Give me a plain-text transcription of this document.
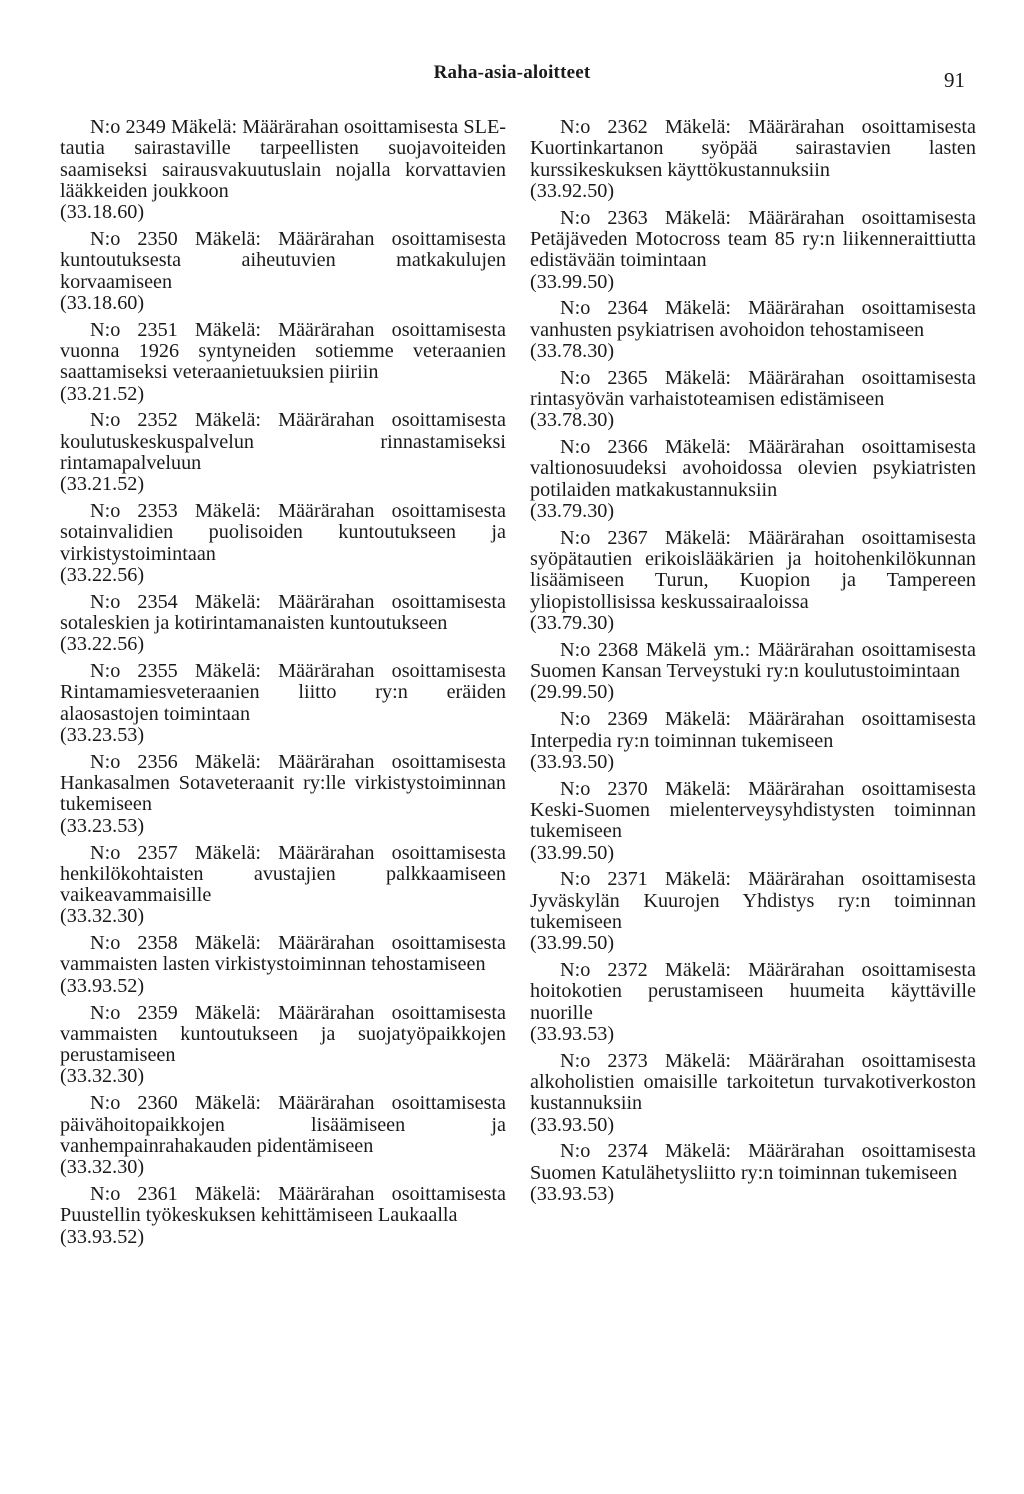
Raha-asia-aloitteet	91

N:o 2349 Mäkelä: Määrärahan osoittamisesta SLE-tautia sairastaville tarpeellisten suojavoiteiden saamiseksi sairausvakuutuslain nojalla korvattavien lääkkeiden joukkoon

(33.18.60)

N:o 2350 Mäkelä: Määrärahan osoittamisesta kuntoutuksesta aiheutuvien matkakulujen korvaamiseen

(33.18.60)

N:o 2351 Mäkelä: Määrärahan osoittamisesta vuonna 1926 syntyneiden sotiemme veteraanien saattamiseksi veteraanietuuksien piiriin

(33.21.52)

N:o 2352 Mäkelä: Määrärahan osoittamisesta koulutuskeskuspalvelun rinnastamiseksi rintamapalveluun

(33.21.52)

N:o 2353 Mäkelä: Määrärahan osoittamisesta sotainvalidien puolisoiden kuntoutukseen ja virkistystoimintaan

(33.22.56)

N:o 2354 Mäkelä: Määrärahan osoittamisesta sotaleskien ja kotirintamanaisten kuntoutukseen

(33.22.56)

N:o 2355 Mäkelä: Määrärahan osoittamisesta Rintamamiesveteraanien liitto ry:n eräiden alaosastojen toimintaan

(33.23.53)

N:o 2356 Mäkelä: Määrärahan osoittamisesta Hankasalmen Sotaveteraanit ry:lle virkistystoiminnan tukemiseen

(33.23.53)

N:o 2357 Mäkelä: Määrärahan osoittamisesta henkilökohtaisten avustajien palkkaamiseen vaikeavammaisille

(33.32.30)

N:o 2358 Mäkelä: Määrärahan osoittamisesta vammaisten lasten virkistystoiminnan tehostamiseen

(33.93.52)

N:o 2359 Mäkelä: Määrärahan osoittamisesta vammaisten kuntoutukseen ja suojatyöpaikkojen perustamiseen

(33.32.30)

N:o 2360 Mäkelä: Määrärahan osoittamisesta päivähoitopaikkojen lisäämiseen ja vanhempainrahakauden pidentämiseen

(33.32.30)

N:o 2361 Mäkelä: Määrärahan osoittamisesta Puustellin työkeskuksen kehittämiseen Laukaalla

(33.93.52)

N:o 2362 Mäkelä: Määrärahan osoittamisesta Kuortinkartanon syöpää sairastavien lasten kurssikeskuksen käyttökustannuksiin

(33.92.50)

N:o 2363 Mäkelä: Määrärahan osoittamisesta Petäjäveden Motocross team 85 ry:n liikenneraittiutta edistävään toimintaan

(33.99.50)

N:o 2364 Mäkelä: Määrärahan osoittamisesta vanhusten psykiatrisen avohoidon tehostamiseen

(33.78.30)

N:o 2365 Mäkelä: Määrärahan osoittamisesta rintasyövän varhaistoteamisen edistämiseen

(33.78.30)

N:o 2366 Mäkelä: Määrärahan osoittamisesta valtionosuudeksi avohoidossa olevien psykiatristen potilaiden matkakustannuksiin

(33.79.30)

N:o 2367 Mäkelä: Määrärahan osoittamisesta syöpätautien erikoislääkärien ja hoitohenkilökunnan lisäämiseen Turun, Kuopion ja Tampereen yliopistollisissa keskussairaaloissa

(33.79.30)

N:o 2368 Mäkelä ym.: Määrärahan osoittamisesta Suomen Kansan Terveystuki ry:n koulutustoimintaan

(29.99.50)

N:o 2369 Mäkelä: Määrärahan osoittamisesta Interpedia ry:n toiminnan tukemiseen

(33.93.50)

N:o 2370 Mäkelä: Määrärahan osoittamisesta Keski-Suomen mielenterveysyhdistysten toiminnan tukemiseen

(33.99.50)

N:o 2371 Mäkelä: Määrärahan osoittamisesta Jyväskylän Kuurojen Yhdistys ry:n toiminnan tukemiseen

(33.99.50)

N:o 2372 Mäkelä: Määrärahan osoittamisesta hoitokotien perustamiseen huumeita käyttäville nuorille

(33.93.53)

N:o 2373 Mäkelä: Määrärahan osoittamisesta alkoholistien omaisille tarkoitetun turvakotiverkoston kustannuksiin

(33.93.50)

N:o 2374 Mäkelä: Määrärahan osoittamisesta Suomen Katulähetysliitto ry:n toiminnan tukemiseen

(33.93.53)
